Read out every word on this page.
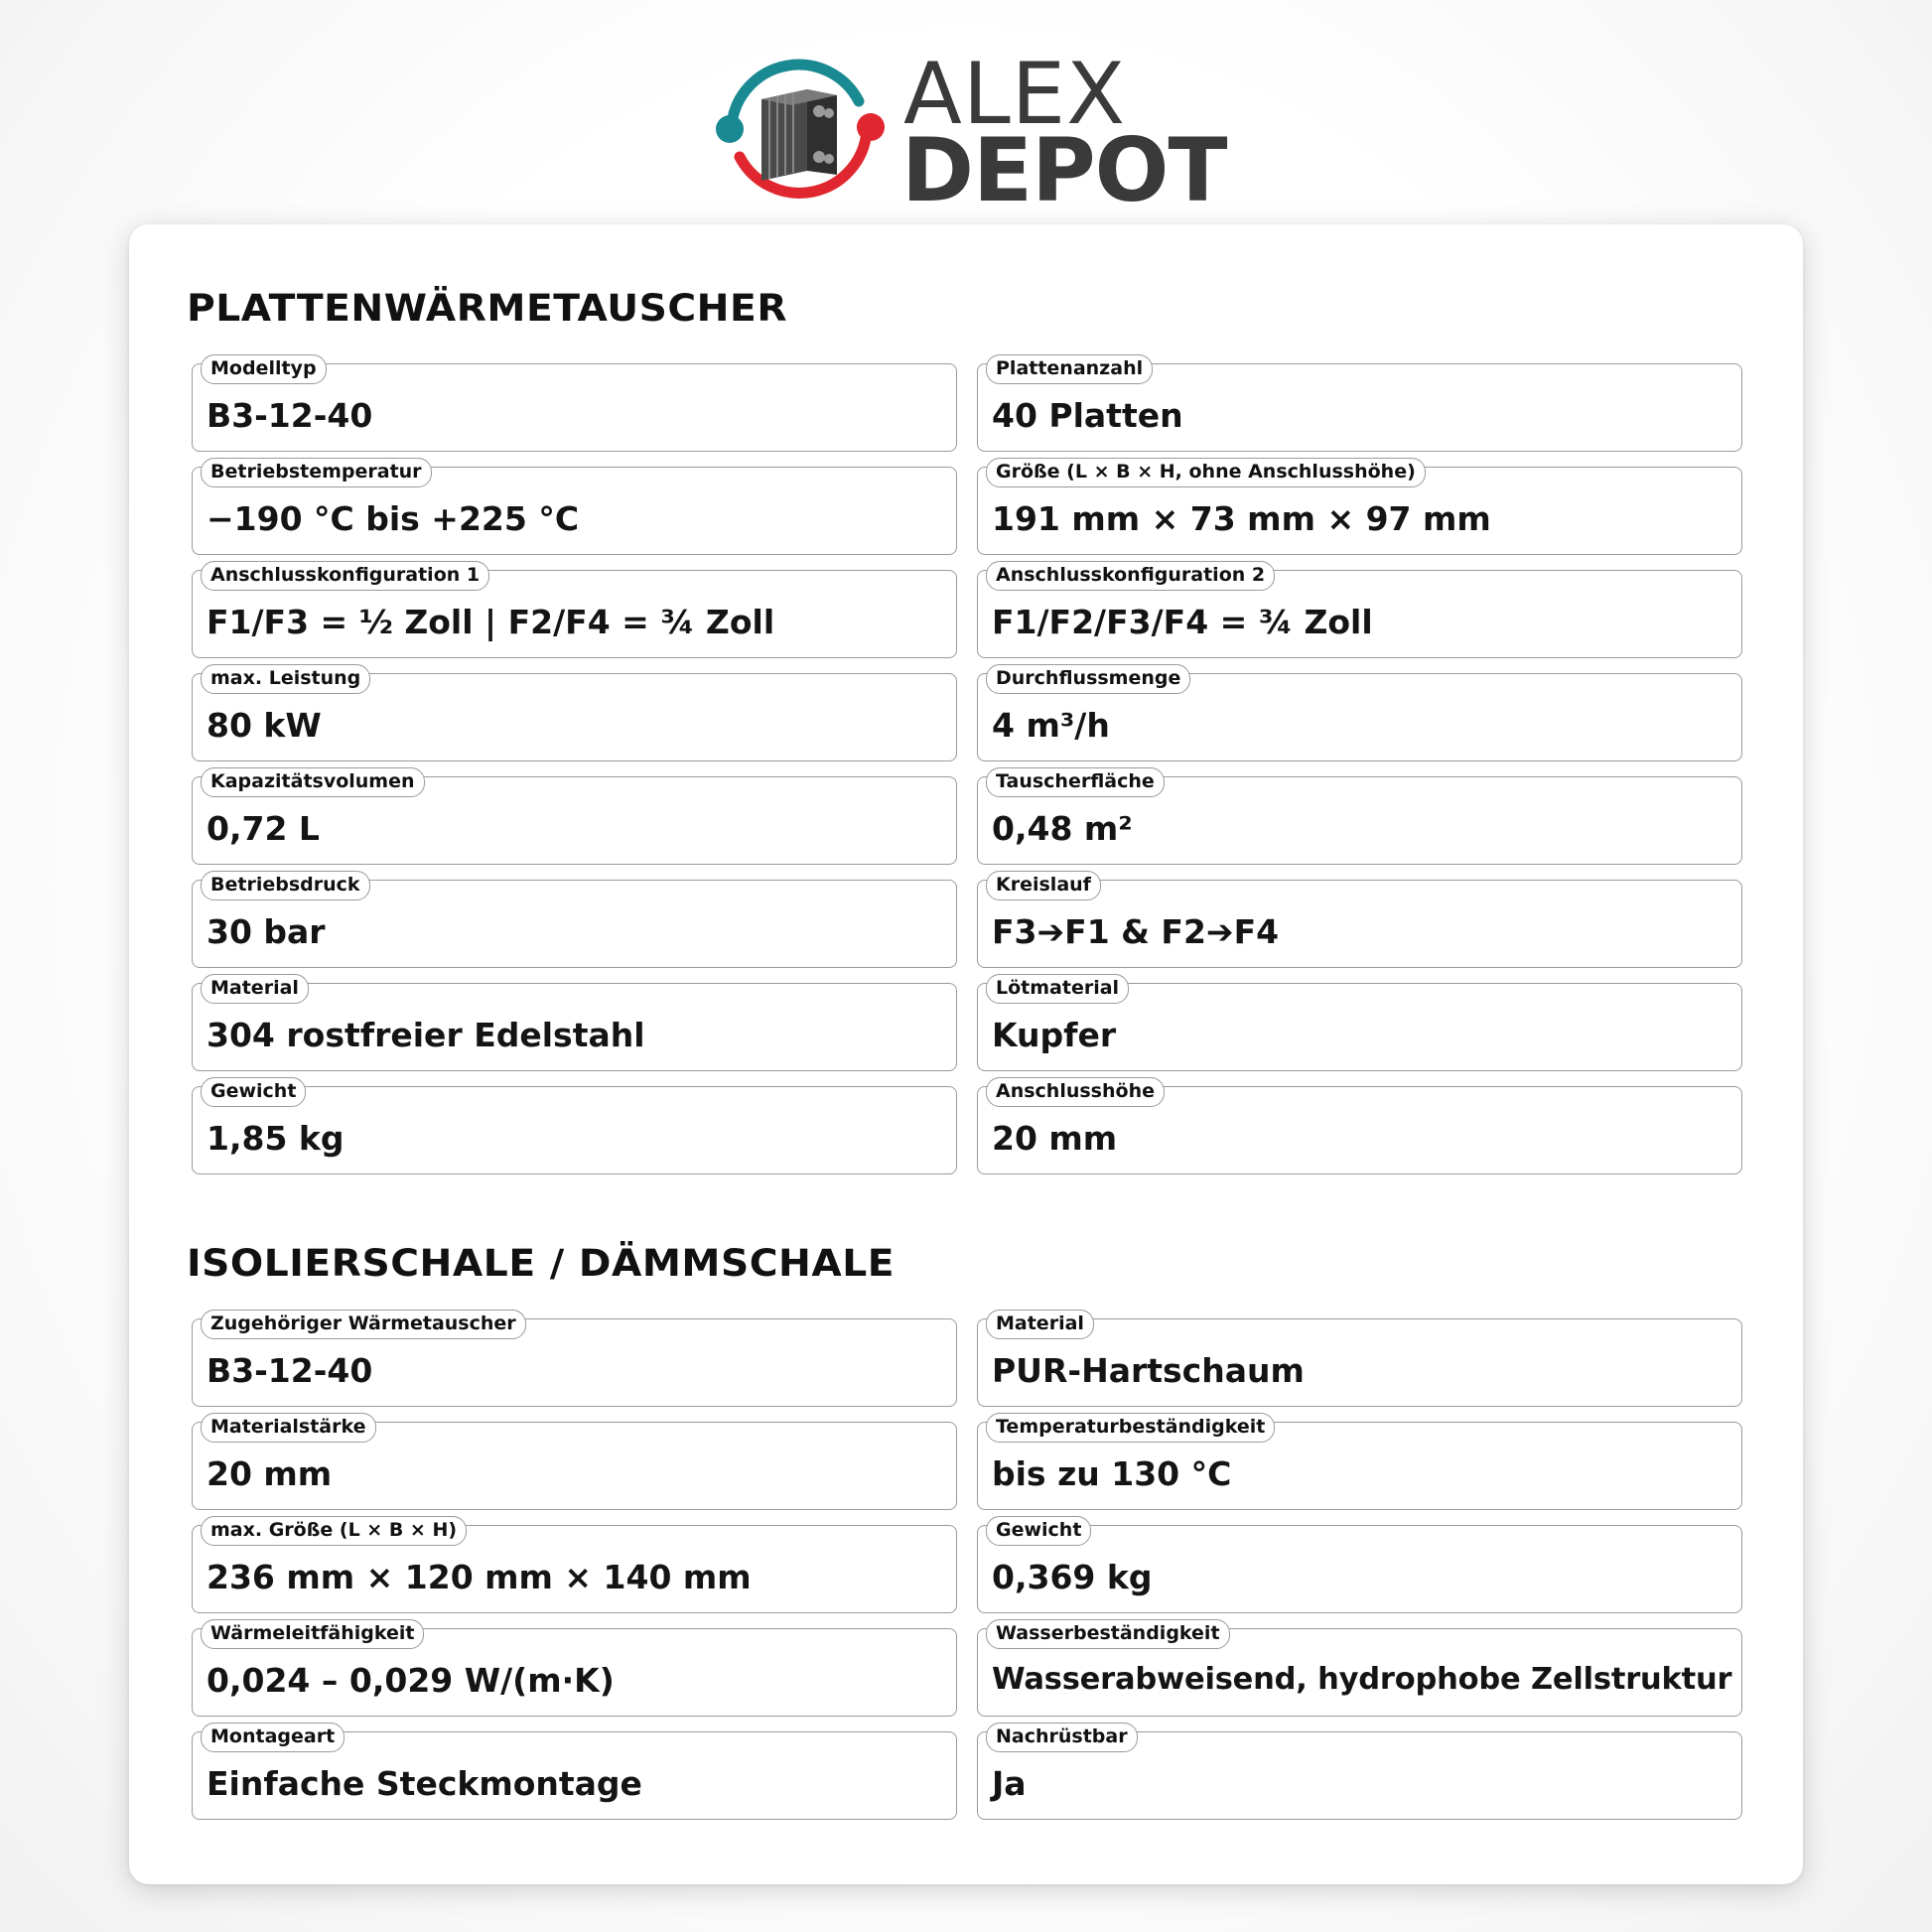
ALEX
DEPOT
PLATTENWÄRMETAUSCHER
Modelltyp
B3-12-40
Plattenanzahl
40 Platten
Betriebstemperatur
−190 °C bis +225 °C
Größe (L × B × H, ohne Anschlusshöhe)
191 mm × 73 mm × 97 mm
Anschlusskonfiguration 1
F1/F3 = ½ Zoll | F2/F4 = ¾ Zoll
Anschlusskonfiguration 2
F1/F2/F3/F4 = ¾ Zoll
max. Leistung
80 kW
Durchflussmenge
4 m³/h
Kapazitätsvolumen
0,72 L
Tauscherfläche
0,48 m²
Betriebsdruck
30 bar
Kreislauf
F3➔F1 & F2➔F4
Material
304 rostfreier Edelstahl
Lötmaterial
Kupfer
Gewicht
1,85 kg
Anschlusshöhe
20 mm
ISOLIERSCHALE / DÄMMSCHALE
Zugehöriger Wärmetauscher
B3-12-40
Material
PUR-Hartschaum
Materialstärke
20 mm
Temperaturbeständigkeit
bis zu 130 °C
max. Größe (L × B × H)
236 mm × 120 mm × 140 mm
Gewicht
0,369 kg
Wärmeleitfähigkeit
0,024 – 0,029 W/(m·K)
Wasserbeständigkeit
Wasserabweisend, hydrophobe Zellstruktur
Montageart
Einfache Steckmontage
Nachrüstbar
Ja
